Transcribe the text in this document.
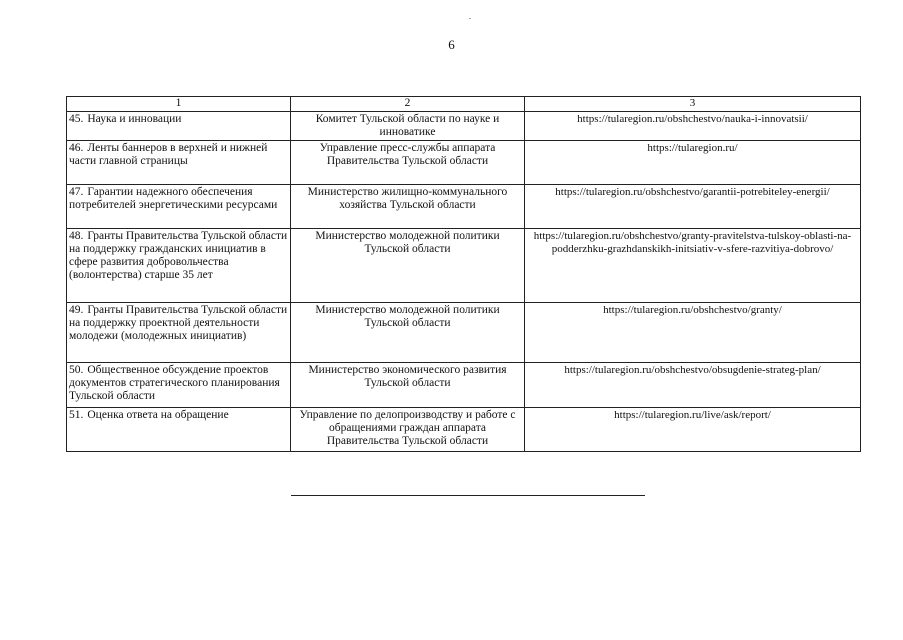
6
1	2	3
45. Наука и инновации	Комитет Тульской области по науке и инноватике	https://tularegion.ru/obshchestvo/nauka-i-innovatsii/
46. Ленты баннеров в верхней и нижней части главной страницы	Управление пресс-службы аппарата Правительства Тульской области	https://tularegion.ru/
47. Гарантии надежного обеспечения потребителей энергетическими ресурсами	Министерство жилищно-коммунального хозяйства Тульской области	https://tularegion.ru/obshchestvo/garantii-potrebiteley-energii/
48. Гранты Правительства Тульской области на поддержку гражданских инициатив в сфере развития добровольчества (волонтерства) старше 35 лет	Министерство молодежной политики Тульской области	https://tularegion.ru/obshchestvo/granty-pravitelstva-tulskoy-oblasti-na-podderzhku-grazhdanskikh-initsiativ-v-sfere-razvitiya-dobrovo/
49. Гранты Правительства Тульской области на поддержку проектной деятельности молодежи (молодежных инициатив)	Министерство молодежной политики Тульской области	https://tularegion.ru/obshchestvo/granty/
50. Общественное обсуждение проектов документов стратегического планирования Тульской области	Министерство экономического развития Тульской области	https://tularegion.ru/obshchestvo/obsugdenie-strateg-plan/
51. Оценка ответа на обращение	Управление по делопроизводству и работе с обращениями граждан аппарата Правительства Тульской области	https://tularegion.ru/live/ask/report/
